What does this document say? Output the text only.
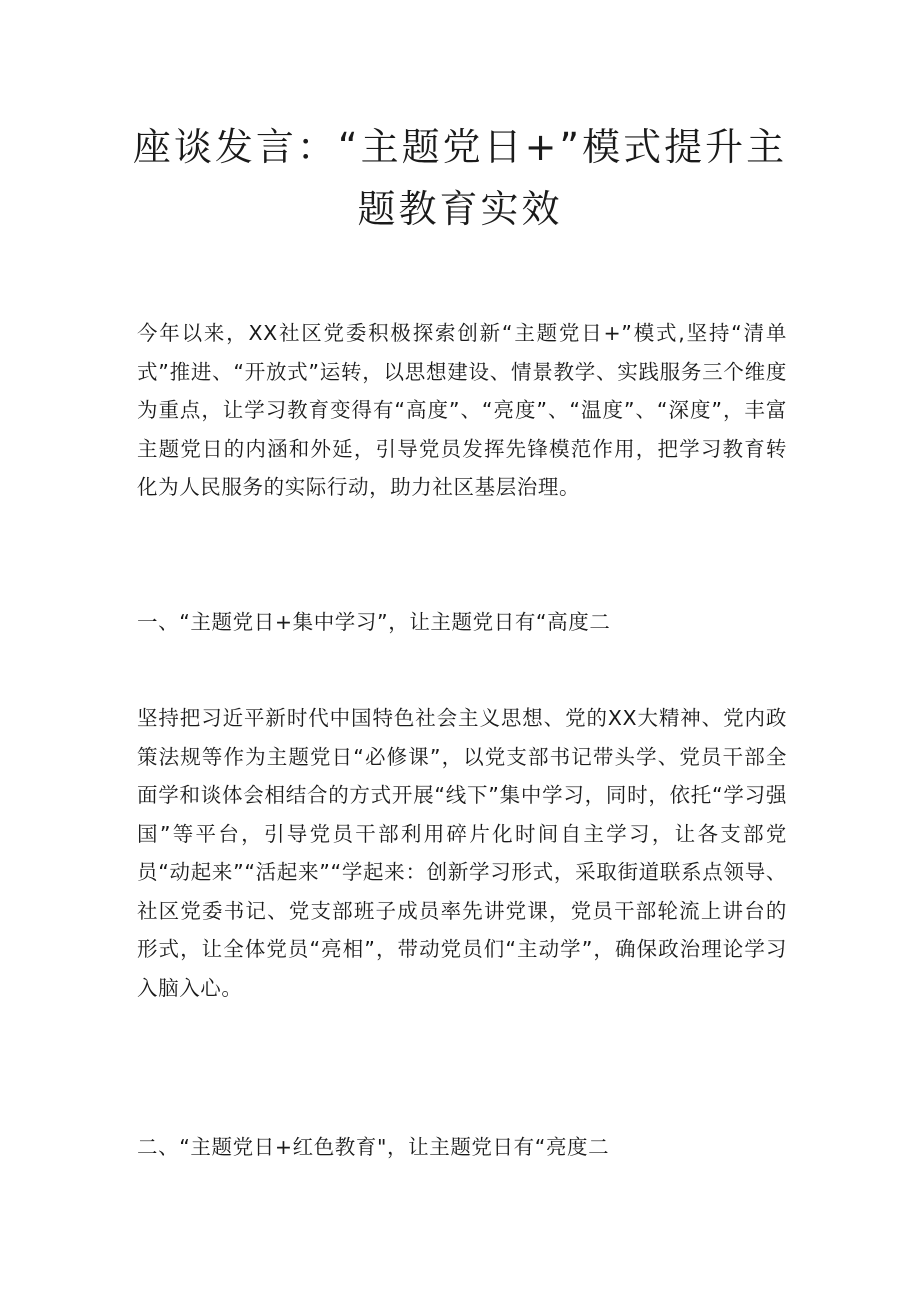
座谈发言：“主题党日+”模式提升主题教育实效

今年以来，XX社区党委积极探索创新“主题党日+”模式,坚持“清单式”推进、“开放式”运转，以思想建设、情景教学、实践服务三个维度为重点，让学习教育变得有“高度”、“亮度”、“温度”、“深度”，丰富主题党日的内涵和外延，引导党员发挥先锋模范作用，把学习教育转化为人民服务的实际行动，助力社区基层治理。

一、“主题党日+集中学习”，让主题党日有“高度二

坚持把习近平新时代中国特色社会主义思想、党的XX大精神、党内政策法规等作为主题党日“必修课”，以党支部书记带头学、党员干部全面学和谈体会相结合的方式开展“线下”集中学习，同时，依托“学习强国”等平台，引导党员干部利用碎片化时间自主学习，让各支部党员“动起来”“活起来”“学起来：创新学习形式，采取街道联系点领导、社区党委书记、党支部班子成员率先讲党课，党员干部轮流上讲台的形式，让全体党员“亮相”，带动党员们“主动学”，确保政治理论学习入脑入心。

二、“主题党日+红色教育"，让主题党日有“亮度二
